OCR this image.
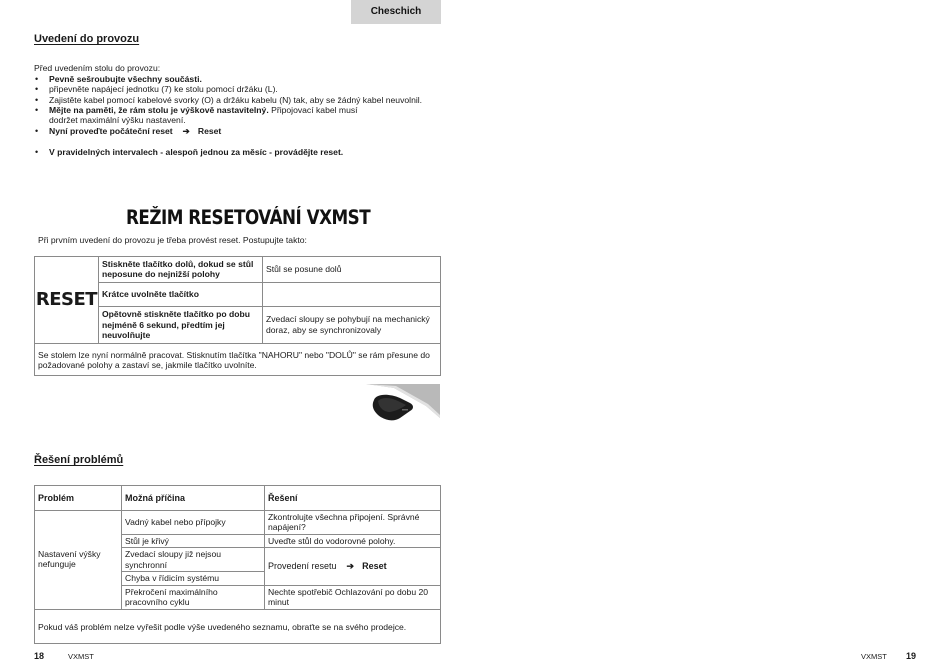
Cheschich
Uvedení do provozu
Před uvedením stolu do provozu:
• Pevně sešroubujte všechny součásti.
• připevněte napájecí jednotku (7) ke stolu pomocí držáku (L).
• Zajistěte kabel pomocí kabelové svorky (O) a držáku kabelu (N) tak, aby se žádný kabel neuvolnil.
• Mějte na paměti, že rám stolu je výškově nastavitelný. Připojovací kabel musí
dodržet maximální výšku nastavení.
• Nyní proveďte počáteční reset ➔ Reset
• V pravidelných intervalech - alespoň jednou za měsíc - provádějte reset.
REŽIM RESETOVÁNÍ VXMST
Při prvním uvedení do provozu je třeba provést reset. Postupujte takto:
RESET	Stiskněte tlačítko dolů, dokud se stůl neposune do nejnižší polohy	Stůl se posune dolů
	Krátce uvolněte tlačítko	
	Opětovně stiskněte tlačítko po dobu nejméně 6 sekund, předtím jej neuvolňujte	Zvedací sloupy se pohybují na mechanický doraz, aby se synchronizovaly
Se stolem lze nyní normálně pracovat. Stisknutím tlačítka "NAHORU" nebo "DOLŮ" se rám přesune do požadované polohy a zastaví se, jakmile tlačítko uvolníte.		
Řešení problémů
Problém	Možná příčina	Řešení
Nastavení výšky nefunguje	Vadný kabel nebo přípojky	Zkontrolujte všechna připojení. Správné napájení?
	Stůl je křivý	Uveďte stůl do vodorovné polohy.
	Zvedací sloupy již nejsou synchronní	Provedení resetu ➔ Reset
	Chyba v řídicím systému	
	Překročení maximálního pracovního cyklu	Nechte spotřebič Ochlazování po dobu 20 minut

Pokud váš problém nelze vyřešit podle výše uvedeného seznamu, obraťte se na svého prodejce.		
18	VXMST	VXMST 19
